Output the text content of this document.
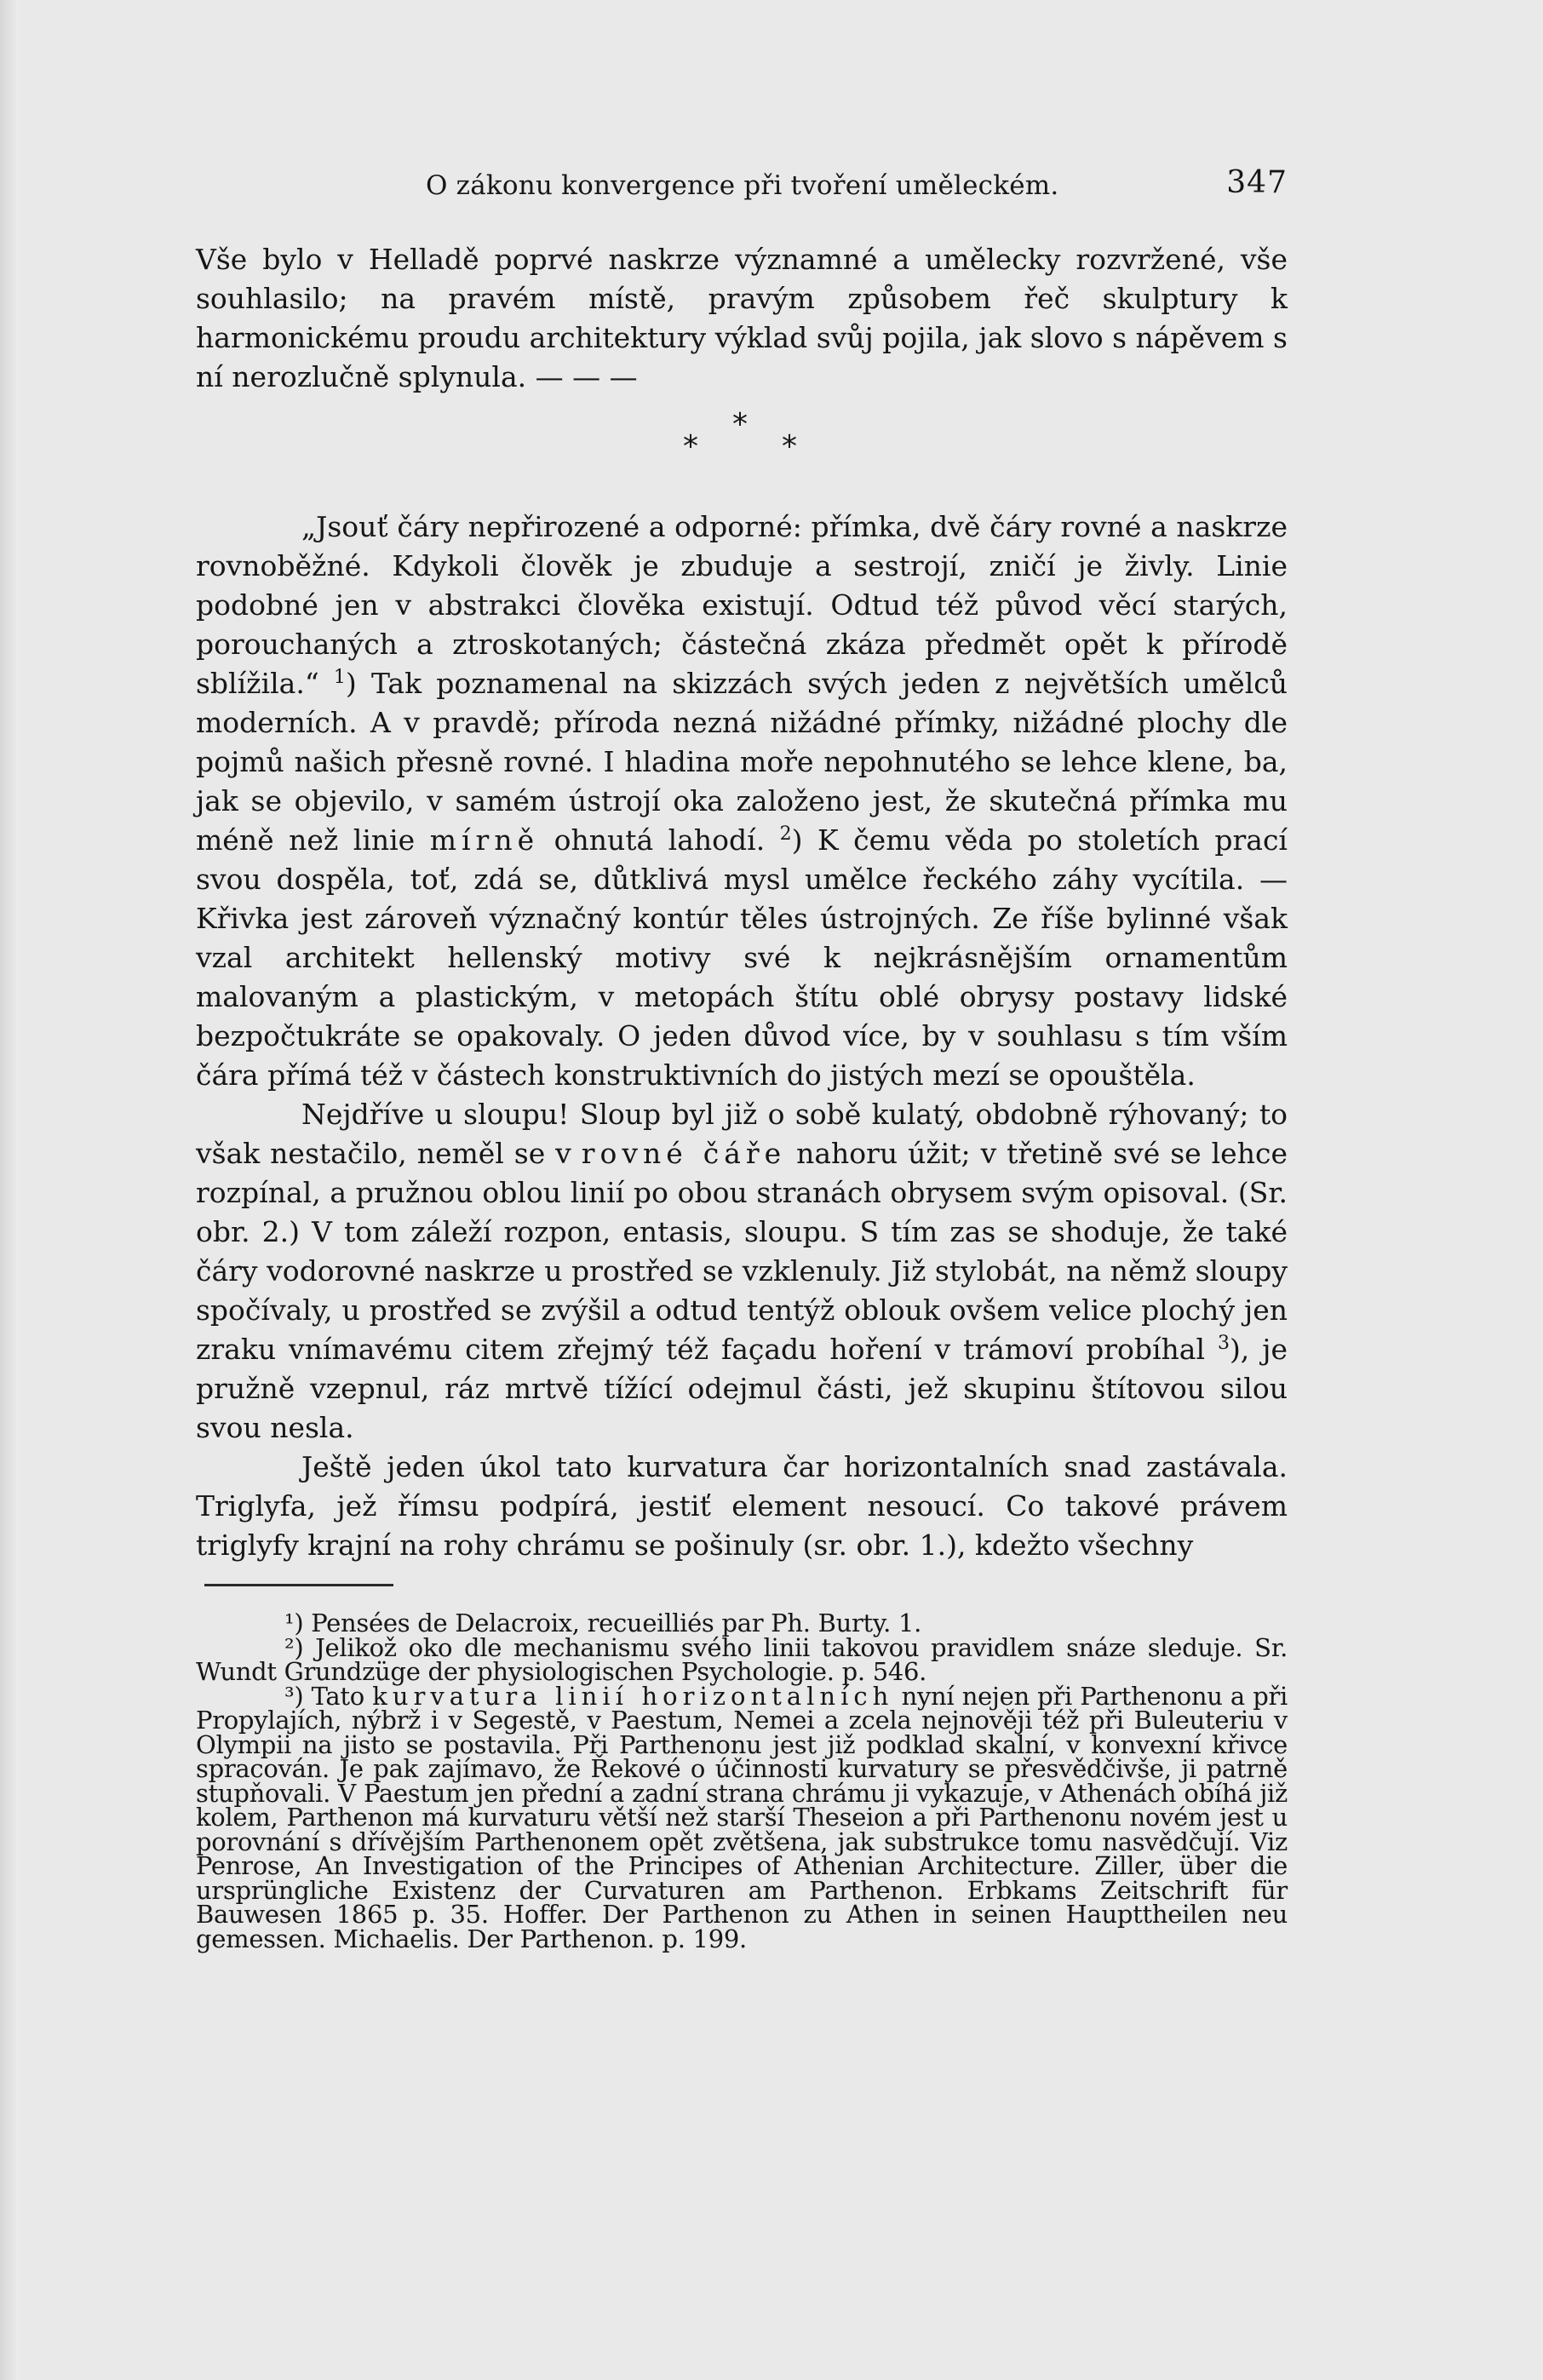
O zákonu konvergence při tvoření uměleckém.	347

Vše bylo v Helladě poprvé naskrze významné a umělecky rozvržené, vše souhlasilo; na pravém místě, pravým způsobem řeč skulptury k harmonickému proudu architektury výklad svůj pojila, jak slovo s nápěvem s ní nerozlučně splynula. — — —

*
*	*

„Jsouť čáry nepřirozené a odporné: přímka, dvě čáry rovné a naskrze rovnoběžné. Kdykoli člověk je zbuduje a sestrojí, zničí je živly. Linie podobné jen v abstrakci člověka existují. Odtud též původ věcí starých, porouchaných a ztroskotaných; částečná zkáza předmět opět k přírodě sblížila.“ $^1$) Tak poznamenal na skizzách svých jeden z největších umělců moderních. A v pravdě; příroda nezná nižádné přímky, nižádné plochy dle pojmů našich přesně rovné. I hladina moře nepohnutého se lehce klene, ba, jak se objevilo, v samém ústrojí oka založeno jest, že skutečná přímka mu méně než linie mírně ohnutá lahodí. $^2$) K čemu věda po stoletích prací svou dospěla, toť, zdá se, důtklivá mysl umělce řeckého záhy vycítila. — Křivka jest zároveň význačný kontúr těles ústrojných. Ze říše bylinné však vzal architekt hellenský motivy své k nejkrásnějším ornamentům malovaným a plastickým, v metopách štítu oblé obrysy postavy lidské bezpočtukráte se opakovaly. O jeden důvod více, by v souhlasu s tím vším čára přímá též v částech konstruktivních do jistých mezí se opouštěla.

Nejdříve u sloupu! Sloup byl již o sobě kulatý, obdobně rýhovaný; to však nestačilo, neměl se v rovné čáře nahoru úžit; v třetině své se lehce rozpínal, a pružnou oblou linií po obou stranách obrysem svým opisoval. (Sr. obr. 2.) V tom záleží rozpon, entasis, sloupu. S tím zas se shoduje, že také čáry vodorovné naskrze u prostřed se vzklenuly. Již stylobát, na němž sloupy spočívaly, u prostřed se zvýšil a odtud tentýž oblouk ovšem velice plochý jen zraku vnímavému citem zřejmý též façadu hoření v trámoví probíhal $^3$), je pružně vzepnul, ráz mrtvě tížící odejmul části, jež skupinu štítovou silou svou nesla.

Ještě jeden úkol tato kurvatura čar horizontalních snad zastávala. Triglyfa, jež římsu podpírá, jestiť element nesoucí. Co takové právem triglyfy krajní na rohy chrámu se pošinuly (sr. obr. 1.), kdežto všechny

¹) Pensées de Delacroix, recueilliés par Ph. Burty. 1.

²) Jelikož oko dle mechanismu svého linii takovou pravidlem snáze sleduje. Sr. Wundt Grundzüge der physiologischen Psychologie. p. 546.

³) Tato kurvatura linií horizontalních nyní nejen při Parthenonu a při Propylajích, nýbrž i v Segestě, v Paestum, Nemei a zcela nejnověji též při Buleuteriu v Olympii na jisto se postavila. Při Parthenonu jest již podklad skalní, v konvexní křivce spracován. Je pak zajímavo, že Řekové o účinnosti kurvatury se přesvědčivše, ji patrně stupňovali. V Paestum jen přední a zadní strana chrámu ji vykazuje, v Athenách obíhá již kolem, Parthenon má kurvaturu větší než starší Theseion a při Parthenonu novém jest u porovnání s dřívějším Parthenonem opět zvětšena, jak substrukce tomu nasvědčují. Viz Penrose, An Investigation of the Principes of Athenian Architecture. Ziller, über die ursprüngliche Existenz der Curvaturen am Parthenon. Erbkams Zeitschrift für Bauwesen 1865 p. 35. Hoffer. Der Parthenon zu Athen in seinen Haupttheilen neu gemessen. Michaelis. Der Parthenon. p. 199.
